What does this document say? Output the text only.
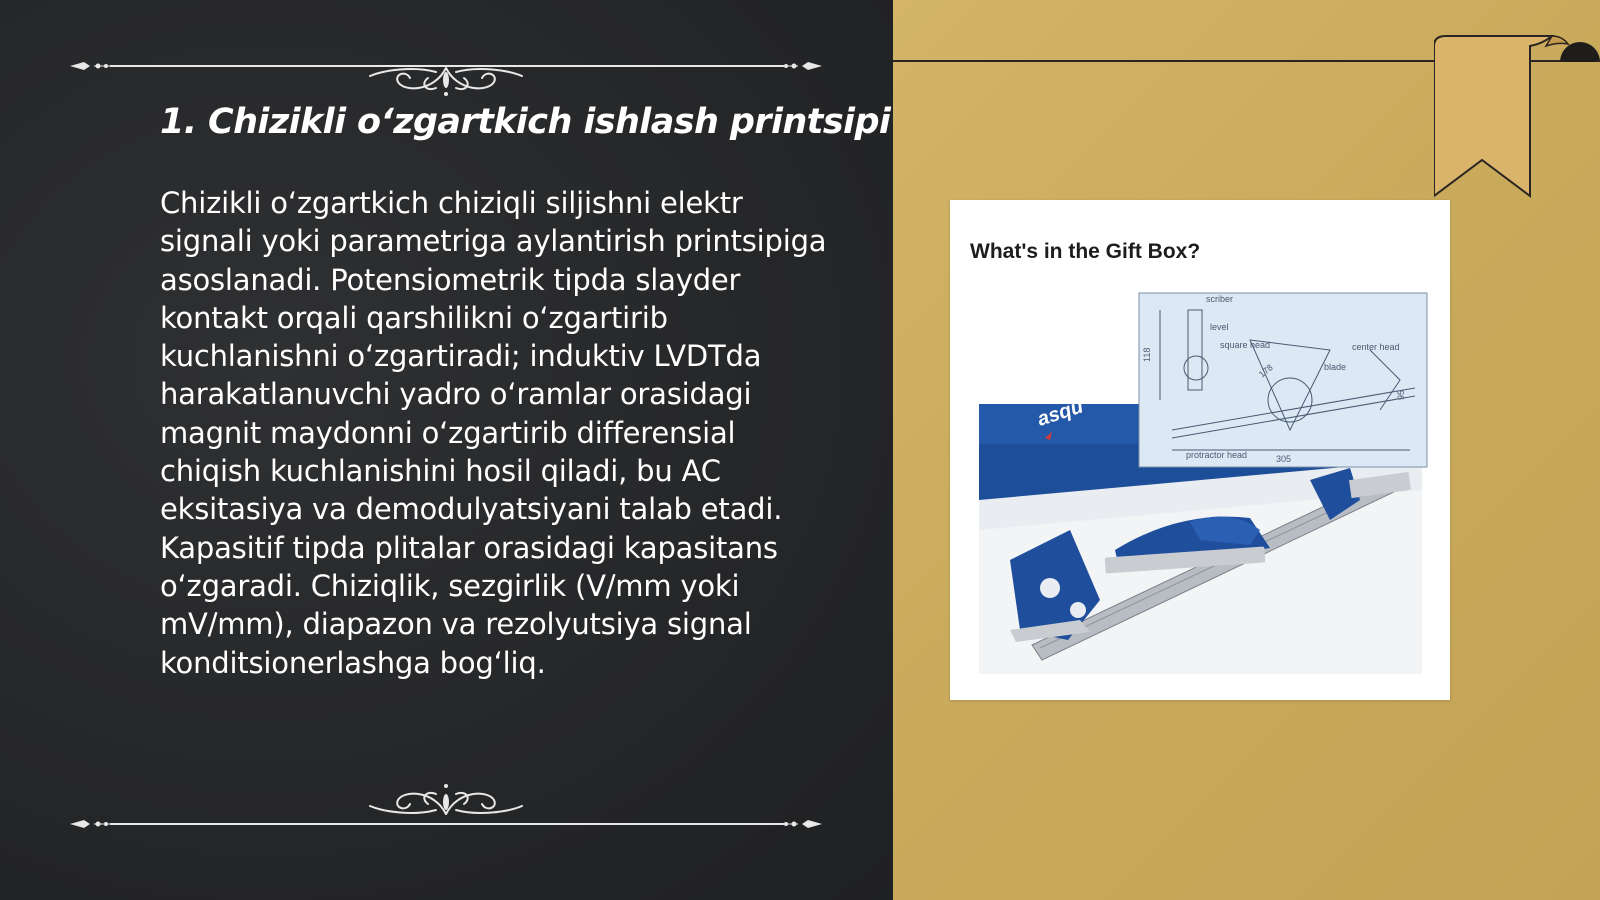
1. Chizikli o‘zgartkich ishlash printsipi

Chizikli o‘zgartkich chiziqli siljishni elektr signali yoki parametriga aylantirish printsipiga asoslanadi. Potensiometrik tipda slayder kontakt orqali qarshilikni o‘zgartirib kuchlanishni o‘zgartiradi; induktiv LVDTda harakatlanuvchi yadro o‘ramlar orasidagi magnit maydonni o‘zgartirib differensial chiqish kuchlanishini hosil qiladi, bu AC eksitasiya va demodulyatsiyani talab etadi. Kapasitif tipda plitalar orasidagi kapasitans o‘zgaradi. Chiziqlik, sezgirlik (V/mm yoki mV/mm), diapazon va rezolyutsiya signal konditsionerlashga bog‘liq.

asqu
scriber
level
square head	center head
blade
protractor head
118
305
178
95

What's in the Gift Box?
